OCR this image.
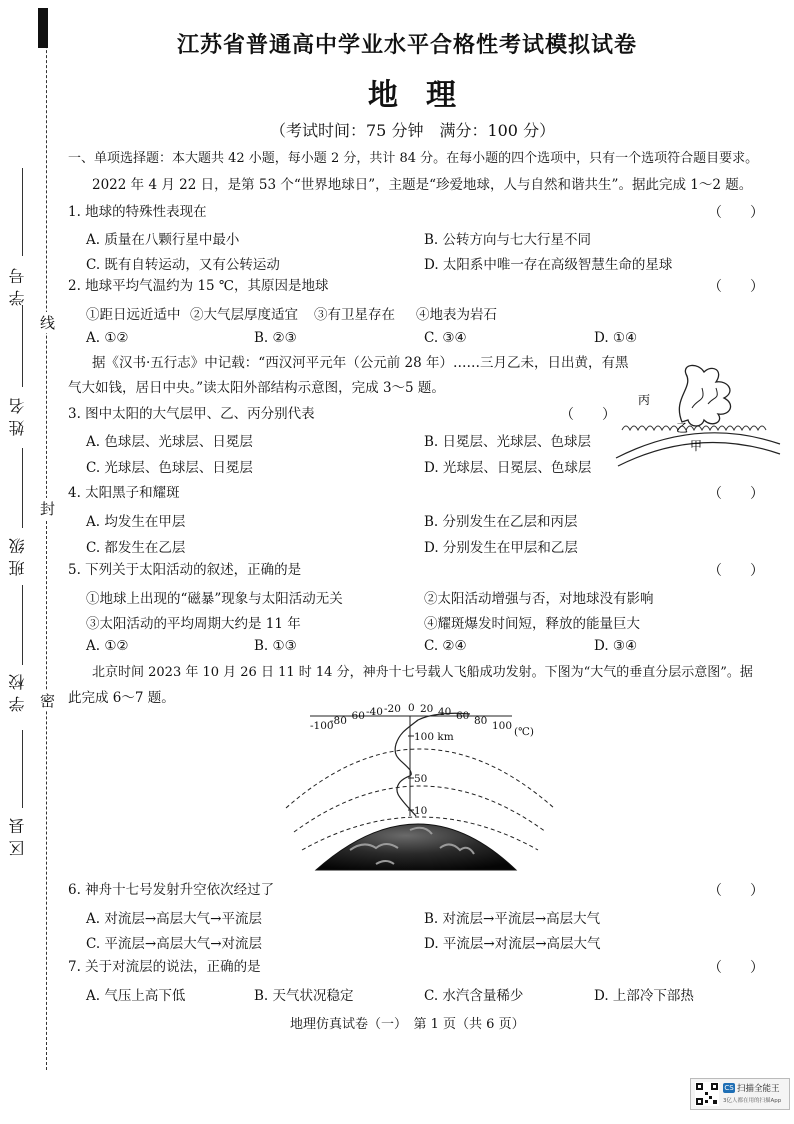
学号
姓名
班级
学校
区县
线
封
密
江苏省普通高中学业水平合格性考试模拟试卷
地理
（考试时间：75 分钟　满分：100 分）
一、单项选择题：本大题共 42 小题，每小题 2 分，共计 84 分。在每小题的四个选项中，只有一个选项符合题目要求。
2022 年 4 月 22 日，是第 53 个“世界地球日”，主题是“珍爱地球，人与自然和谐共生”。据此完成 1～2 题。
1. 地球的特殊性表现在	（　　）
A. 质量在八颗行星中最小	B. 公转方向与七大行星不同
C. 既有自转运动，又有公转运动	D. 太阳系中唯一存在高级智慧生命的星球
2. 地球平均气温约为 15 ℃，其原因是地球	（　　）
①距日远近适中 ②大气层厚度适宜 ③有卫星存在 ④地表为岩石
A. ①②	B. ②③	C. ③④	D. ①④
据《汉书·五行志》中记载：“西汉河平元年（公元前 28 年）……三月乙未，日出黄，有黑
气大如钱，居日中央。”读太阳外部结构示意图，完成 3～5 题。
丙
乙
甲
3. 图中太阳的大气层甲、乙、丙分别代表	（　　）
A. 色球层、光球层、日冕层	B. 日冕层、光球层、色球层
C. 光球层、色球层、日冕层	D. 光球层、日冕层、色球层
4. 太阳黑子和耀斑	（　　）
A. 均发生在甲层	B. 分别发生在乙层和丙层
C. 都发生在乙层	D. 分别发生在甲层和乙层
5. 下列关于太阳活动的叙述，正确的是	（　　）
①地球上出现的“磁暴”现象与太阳活动无关	②太阳活动增强与否，对地球没有影响
③太阳活动的平均周期大约是 11 年	④耀斑爆发时间短，释放的能量巨大
A. ①②	B. ①③	C. ②④	D. ③④
北京时间 2023 年 10 月 26 日 11 时 14 分，神舟十七号载人飞船成功发射。下图为“大气的垂直分层示意图”。据
此完成 6～7 题。
-100
-80 -60 -40 -20 0 20 40 60 80 100 (℃)
100 km
50
10
6. 神舟十七号发射升空依次经过了	（　　）
A. 对流层→高层大气→平流层	B. 对流层→平流层→高层大气
C. 平流层→高层大气→对流层	D. 平流层→对流层→高层大气
7. 关于对流层的说法，正确的是	（　　）
A. 气压上高下低	B. 天气状况稳定	C. 水汽含量稀少	D. 上部冷下部热
地理仿真试卷（一）　第 1 页（共 6 页）
CS 扫描全能王
3亿人都在用的扫描App
